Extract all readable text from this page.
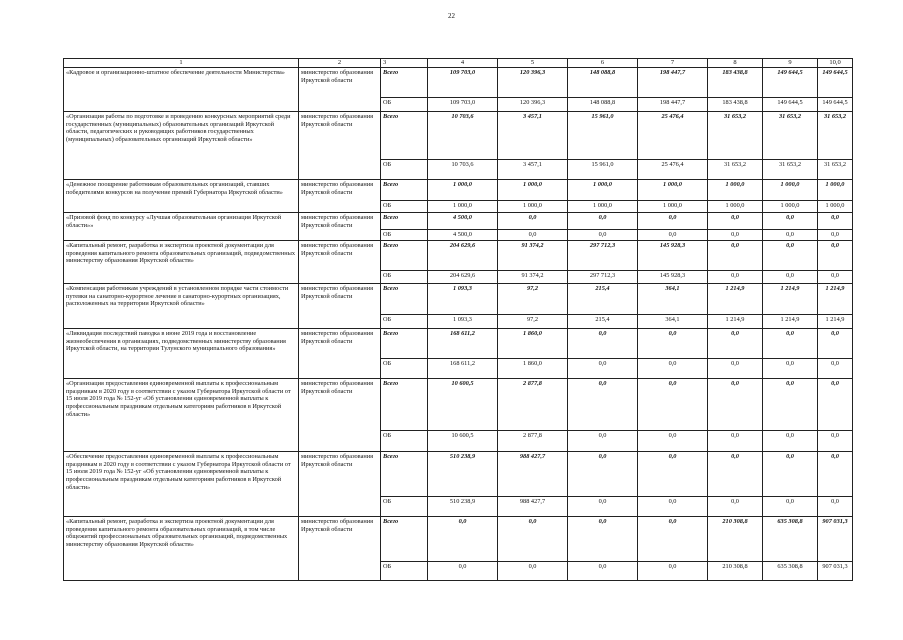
22
1	2	3	4	5	6	7	8	9	10,0
«Кадровое и организационно-штатное обеспечение деятельности Министерства»	министерство образования Иркутской области	Всего	109 703,0	120 396,3	148 088,8	198 447,7	183 438,8	149 644,5	149 644,5
		ОБ	109 703,0	120 396,3	148 088,8	198 447,7	183 438,8	149 644,5	149 644,5
«Организация работы по подготовке и проведению конкурсных мероприятий среди государственных (муниципальных) образовательных организаций Иркутской области, педагогических и руководящих работников государственных (муниципальных) образовательных организаций Иркутской области»	министерство образования Иркутской области	Всего	10 703,6	3 457,1	15 961,0	25 476,4	31 653,2	31 653,2	31 653,2
		ОБ	10 703,6	3 457,1	15 961,0	25 476,4	31 653,2	31 653,2	31 653,2
«Денежное поощрение работникам образовательных организаций, ставших победителями конкурсов на получение премий Губернатора Иркутской области»	министерство образования Иркутской области	Всего	1 000,0	1 000,0	1 000,0	1 000,0	1 000,0	1 000,0	1 000,0
		ОБ	1 000,0	1 000,0	1 000,0	1 000,0	1 000,0	1 000,0	1 000,0
«Призовой фонд по конкурсу «Лучшая образовательная организация Иркутской области»»	министерство образования Иркутской области	Всего	4 500,0	0,0	0,0	0,0	0,0	0,0	0,0
		ОБ	4 500,0	0,0	0,0	0,0	0,0	0,0	0,0
«Капитальный ремонт, разработка и экспертиза проектной документации для проведения капитального ремонта образовательных организаций, подведомственных министерству образования Иркутской области»	министерство образования Иркутской области	Всего	204 629,6	91 374,2	297 712,3	145 928,3	0,0	0,0	0,0
		ОБ	204 629,6	91 374,2	297 712,3	145 928,3	0,0	0,0	0,0
«Компенсация работникам учреждений в установленном порядке части стоимости путевки на санаторно-курортное лечение в санаторно-курортных организациях, расположенных на территории Иркутской области»	министерство образования Иркутской области	Всего	1 093,3	97,2	215,4	364,1	1 214,9	1 214,9	1 214,9
		ОБ	1 093,3	97,2	215,4	364,1	1 214,9	1 214,9	1 214,9
«Ликвидация последствий паводка в июне 2019 года и восстановление жизнеобеспечения в организациях, подведомственных министерству образования Иркутской области, на территории Тулунского муниципального образования»	министерство образования Иркутской области	Всего	168 611,2	1 860,0	0,0	0,0	0,0	0,0	0,0
		ОБ	168 611,2	1 860,0	0,0	0,0	0,0	0,0	0,0
«Организация предоставления единовременной выплаты к профессиональным праздникам в 2020 году в соответствии с указом Губернатора Иркутской области от 15 июля 2019 года № 152-уг «Об установлении единовременной выплаты к профессиональным праздникам отдельным категориям работников в Иркутской области»	министерство образования Иркутской области	Всего	10 600,5	2 877,8	0,0	0,0	0,0	0,0	0,0
		ОБ	10 600,5	2 877,8	0,0	0,0	0,0	0,0	0,0
«Обеспечение предоставления единовременной выплаты к профессиональным праздникам в 2020 году в соответствии с указом Губернатора Иркутской области от 15 июля 2019 года № 152-уг «Об установлении единовременной выплаты к профессиональным праздникам отдельным категориям работников в Иркутской области»	министерство образования Иркутской области	Всего	510 238,9	988 427,7	0,0	0,0	0,0	0,0	0,0
		ОБ	510 238,9	988 427,7	0,0	0,0	0,0	0,0	0,0
«Капитальный ремонт, разработка и экспертиза проектной документации для проведения капитального ремонта образовательных организаций, в том числе общежитий профессиональных образовательных организаций, подведомственных министерству образования Иркутской области»	министерство образования Иркутской области	Всего	0,0	0,0	0,0	0,0	210 308,8	635 308,8	907 031,3
		ОБ	0,0	0,0	0,0	0,0	210 308,8	635 308,8	907 031,3
